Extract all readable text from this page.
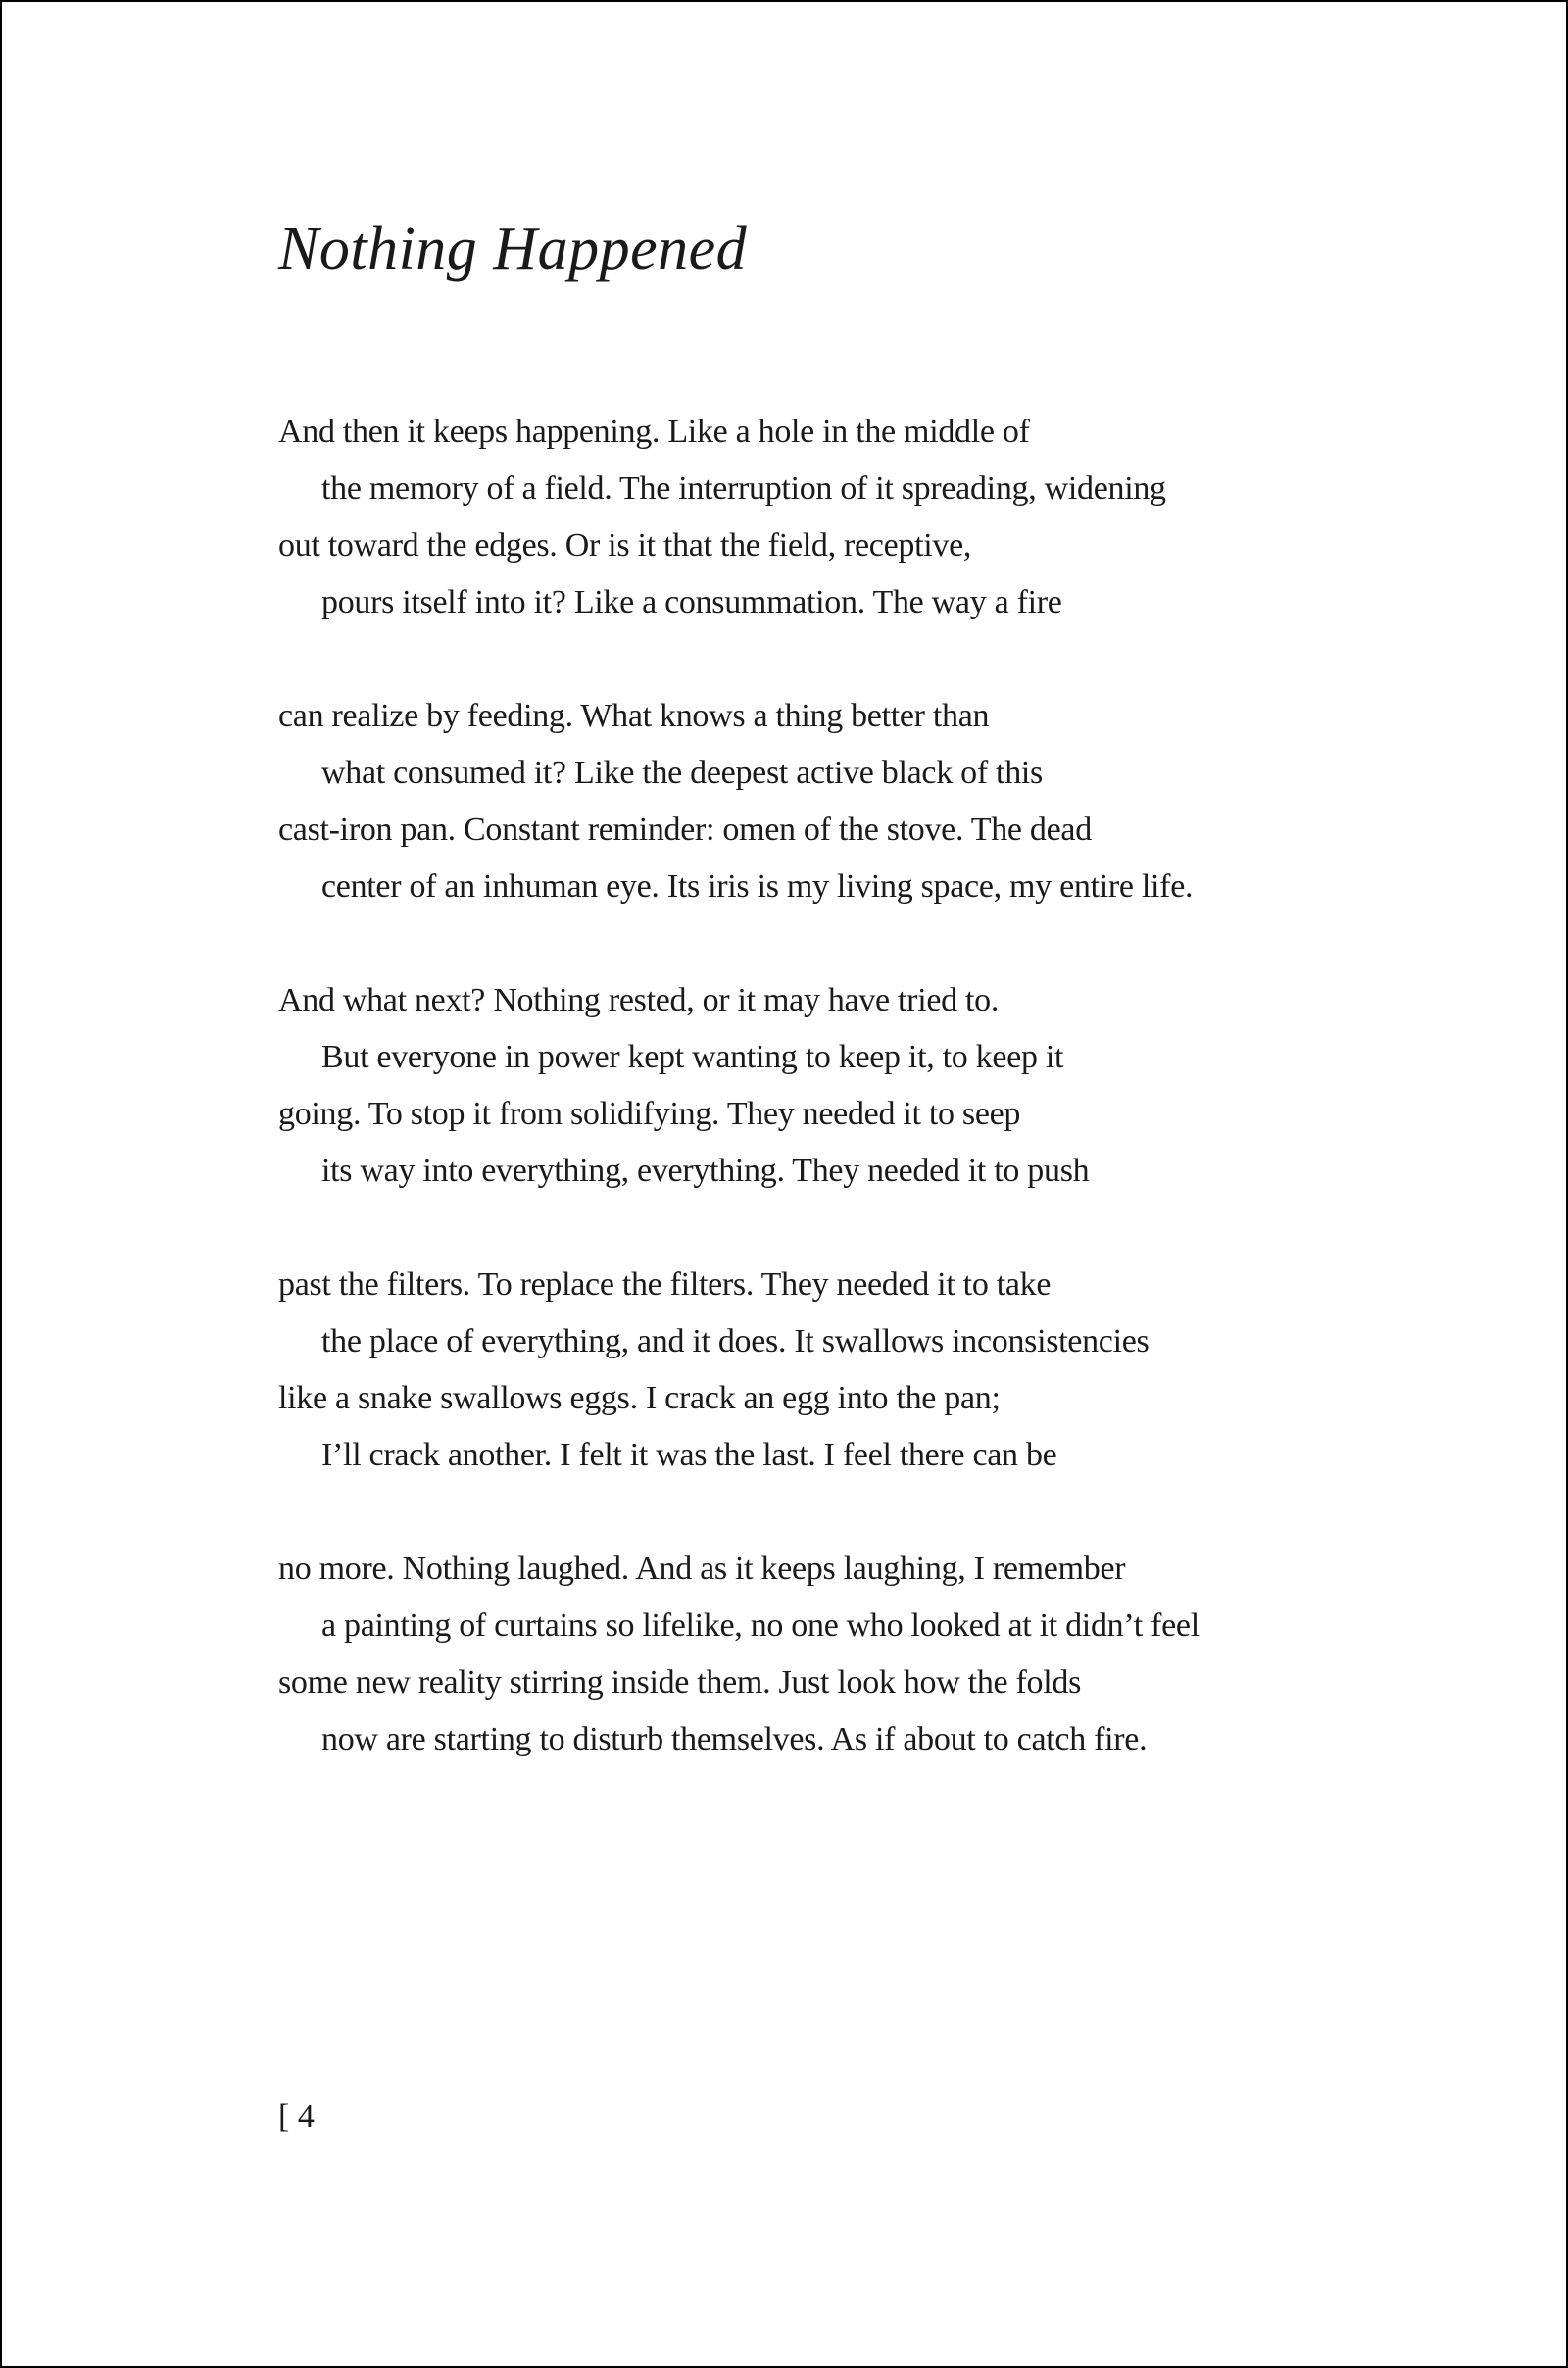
Nothing Happened
And then it keeps happening. Like a hole in the middle of
the memory of a field. The interruption of it spreading, widening
out toward the edges. Or is it that the field, receptive,
pours itself into it? Like a consummation. The way a fire
can realize by feeding. What knows a thing better than
what consumed it? Like the deepest active black of this
cast-iron pan. Constant reminder: omen of the stove. The dead
center of an inhuman eye. Its iris is my living space, my entire life.
And what next? Nothing rested, or it may have tried to.
But everyone in power kept wanting to keep it, to keep it
going. To stop it from solidifying. They needed it to seep
its way into everything, everything. They needed it to push
past the filters. To replace the filters. They needed it to take
the place of everything, and it does. It swallows inconsistencies
like a snake swallows eggs. I crack an egg into the pan;
I’ll crack another. I felt it was the last. I feel there can be
no more. Nothing laughed. And as it keeps laughing, I remember
a painting of curtains so lifelike, no one who looked at it didn’t feel
some new reality stirring inside them. Just look how the folds
now are starting to disturb themselves. As if about to catch fire.
[ 4
